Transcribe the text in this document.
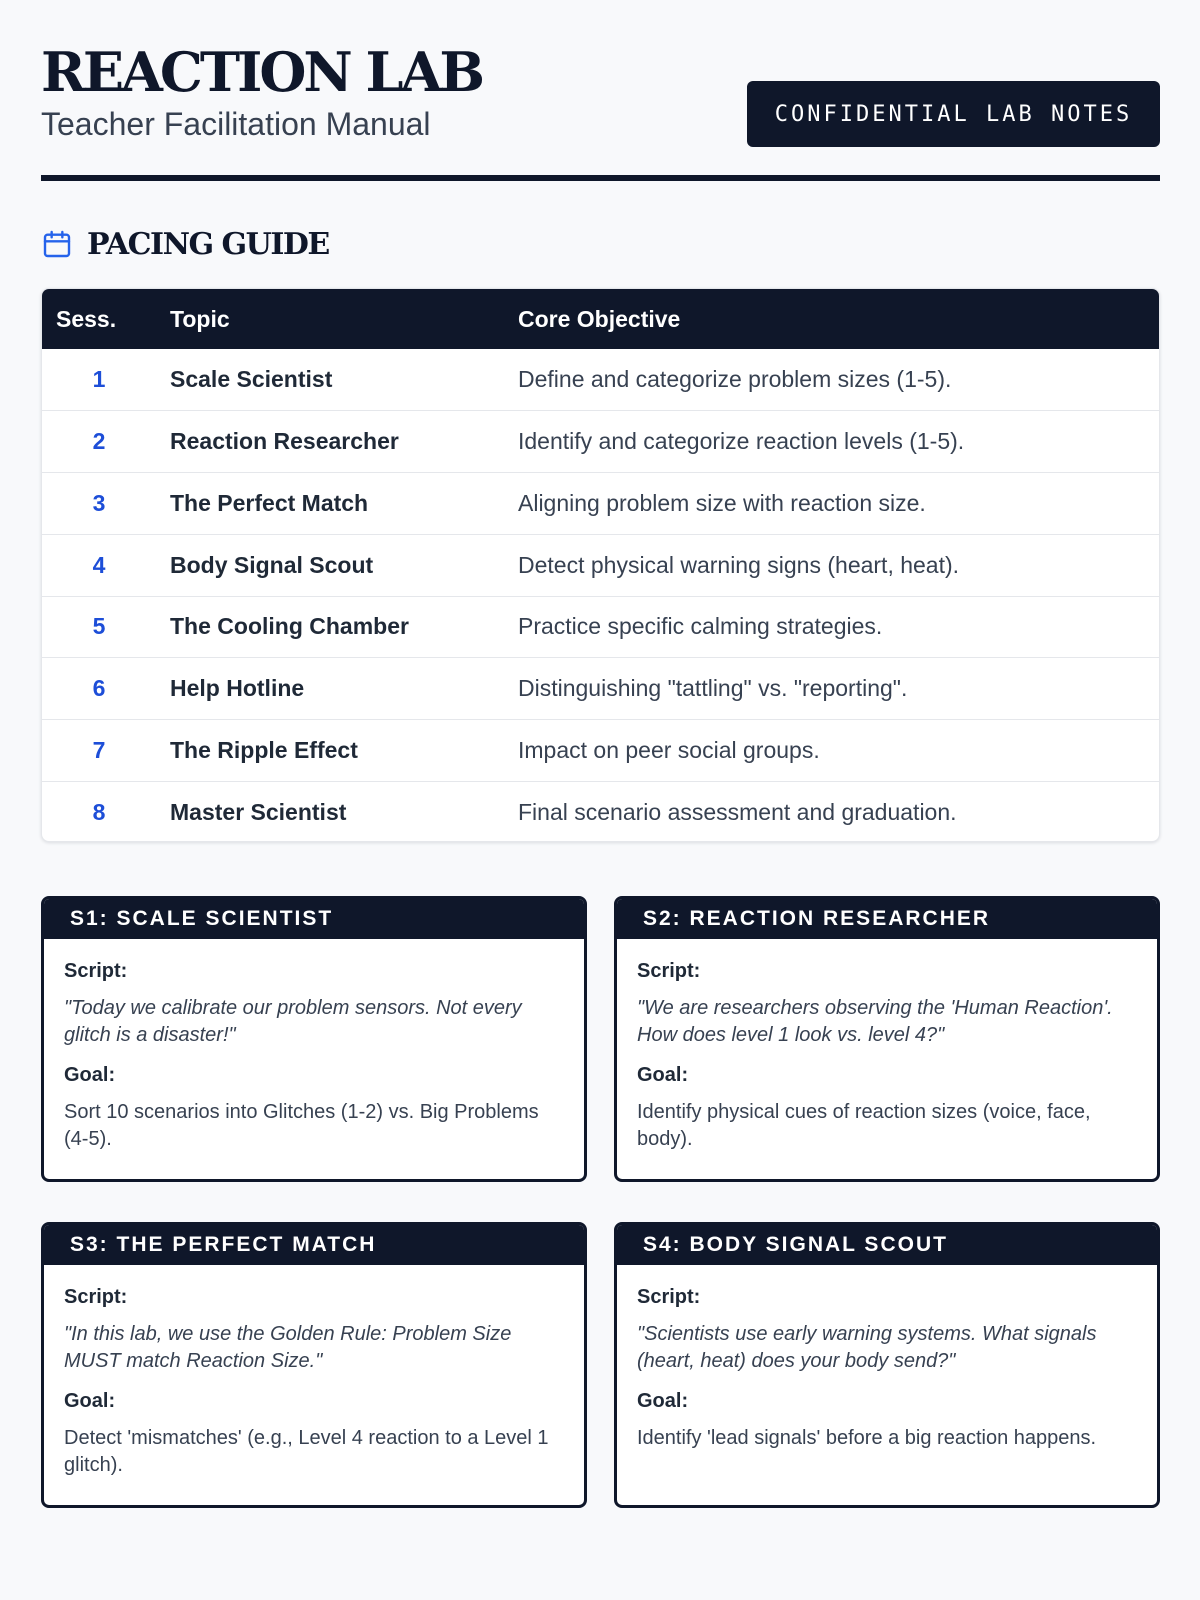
REACTION LAB
Teacher Facilitation Manual	CONFIDENTIAL LAB NOTES
PACING GUIDE
Sess.	Topic	Core Objective
1	Scale Scientist	Define and categorize problem sizes (1-5).
2	Reaction Researcher	Identify and categorize reaction levels (1-5).
3	The Perfect Match	Aligning problem size with reaction size.
4	Body Signal Scout	Detect physical warning signs (heart, heat).
5	The Cooling Chamber	Practice specific calming strategies.
6	Help Hotline	Distinguishing "tattling" vs. "reporting".
7	The Ripple Effect	Impact on peer social groups.
8	Master Scientist	Final scenario assessment and graduation.
S1: SCALE SCIENTIST
Script:
"Today we calibrate our problem sensors. Not every glitch is a disaster!"
Goal:
Sort 10 scenarios into Glitches (1-2) vs. Big Problems (4-5).
S2: REACTION RESEARCHER
Script:
"We are researchers observing the 'Human Reaction'. How does level 1 look vs. level 4?"
Goal:
Identify physical cues of reaction sizes (voice, face, body).
S3: THE PERFECT MATCH
Script:
"In this lab, we use the Golden Rule: Problem Size MUST match Reaction Size."
Goal:
Detect 'mismatches' (e.g., Level 4 reaction to a Level 1 glitch).
S4: BODY SIGNAL SCOUT
Script:
"Scientists use early warning systems. What signals (heart, heat) does your body send?"
Goal:
Identify 'lead signals' before a big reaction happens.
